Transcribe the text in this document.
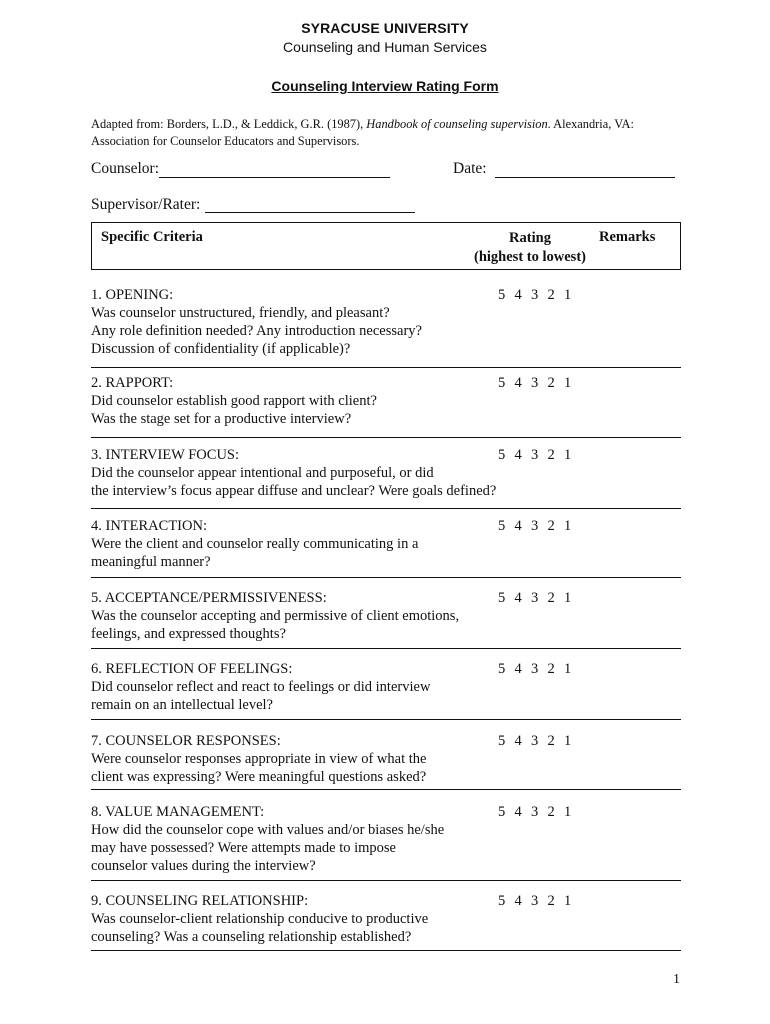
SYRACUSE UNIVERSITY
Counseling and Human Services
Counseling Interview Rating Form
Adapted from: Borders, L.D., & Leddick, G.R. (1987), Handbook of counseling supervision. Alexandria, VA:
Association for Counselor Educators and Supervisors.
Counselor:	Date:
Supervisor/Rater:
Specific Criteria	Rating
(highest to lowest)
Remarks
1. OPENING:
Was counselor unstructured, friendly, and pleasant?
Any role definition needed? Any introduction necessary?
Discussion of confidentiality (if applicable)?
5 4 3 2 1
2. RAPPORT:
Did counselor establish good rapport with client?
Was the stage set for a productive interview?
5 4 3 2 1
3. INTERVIEW FOCUS:
Did the counselor appear intentional and purposeful, or did
the interview’s focus appear diffuse and unclear? Were goals defined?
5 4 3 2 1
4. INTERACTION:
Were the client and counselor really communicating in a
meaningful manner?
5 4 3 2 1
5. ACCEPTANCE/PERMISSIVENESS:
Was the counselor accepting and permissive of client emotions,
feelings, and expressed thoughts?
5 4 3 2 1
6. REFLECTION OF FEELINGS:
Did counselor reflect and react to feelings or did interview
remain on an intellectual level?
5 4 3 2 1
7. COUNSELOR RESPONSES:
Were counselor responses appropriate in view of what the
client was expressing? Were meaningful questions asked?
5 4 3 2 1
8. VALUE MANAGEMENT:
How did the counselor cope with values and/or biases he/she
may have possessed? Were attempts made to impose
counselor values during the interview?
5 4 3 2 1
9. COUNSELING RELATIONSHIP:
Was counselor-client relationship conducive to productive
counseling? Was a counseling relationship established?
5 4 3 2 1
1
